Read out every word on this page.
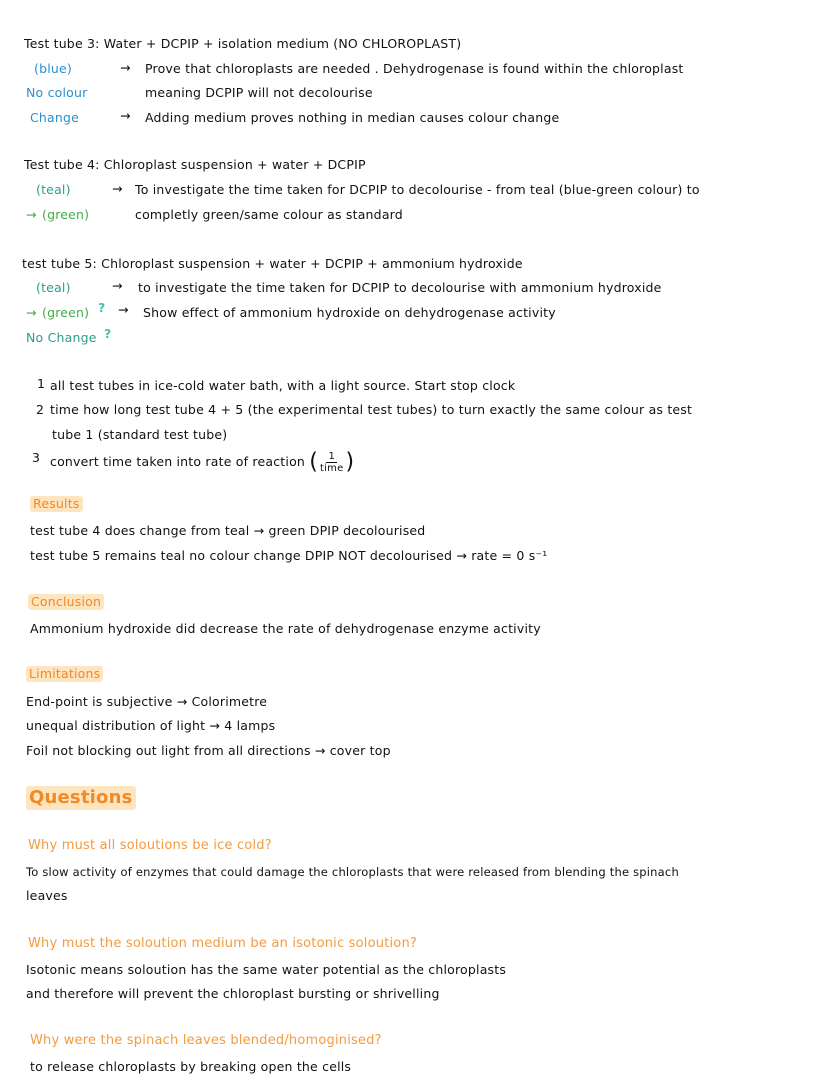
Test tube 3: Water + DCPIP + isolation medium (NO CHLOROPLAST)
(blue)	→ Prove that chloroplasts are needed . Dehydrogenase is found within the chloroplast
No colour	meaning DCPIP will not decolourise
Change	→ Adding medium proves nothing in median causes colour change
Test tube 4: Chloroplast suspension + water + DCPIP
(teal)	→ To investigate the time taken for DCPIP to decolourise - from teal (blue-green colour) to
→ (green)	completly green/same colour as standard
test tube 5: Chloroplast suspension + water + DCPIP + ammonium hydroxide
(teal)	→ to investigate the time taken for DCPIP to decolourise with ammonium hydroxide
→ (green) ? → Show effect of ammonium hydroxide on dehydrogenase activity
No Change ?
1 all test tubes in ice-cold water bath, with a light source. Start stop clock
2 time how long test tube 4 + 5 (the experimental test tubes) to turn exactly the same colour as test
tube 1 (standard test tube)
3 convert time taken into rate of reaction ( $\frac{1}{\text{time}}$ )
Results
test tube 4 does change from teal → green DPIP decolourised
test tube 5 remains teal no colour change DPIP NOT decolourised → rate = 0 s⁻¹
Conclusion
Ammonium hydroxide did decrease the rate of dehydrogenase enzyme activity
Limitations
End-point is subjective → Colorimetre
unequal distribution of light → 4 lamps
Foil not blocking out light from all directions → cover top
Questions
Why must all soloutions be ice cold?
To slow activity of enzymes that could damage the chloroplasts that were released from blending the spinach
leaves
Why must the soloution medium be an isotonic soloution?
Isotonic means soloution has the same water potential as the chloroplasts
and therefore will prevent the chloroplast bursting or shrivelling
Why were the spinach leaves blended/homoginised?
to release chloroplasts by breaking open the cells
